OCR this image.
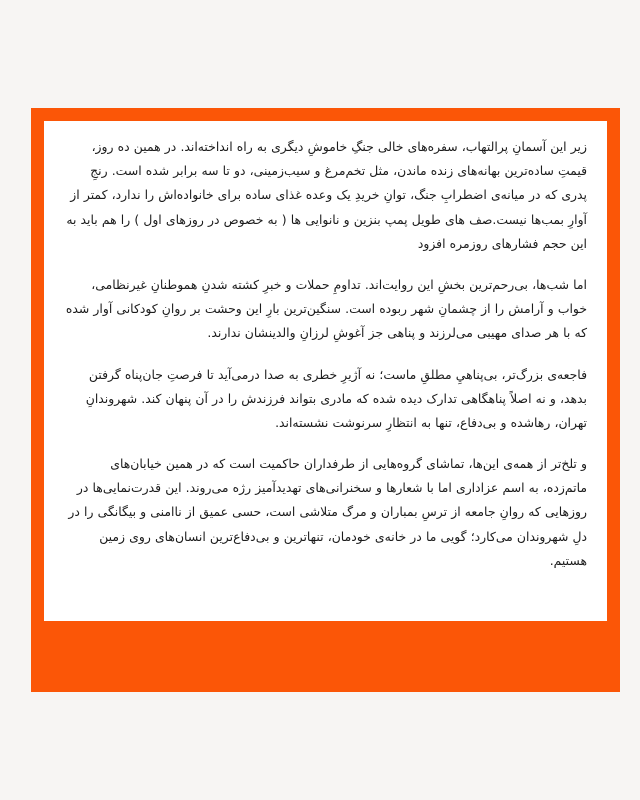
زیر این آسمانِ پرالتهاب، سفره‌های خالی جنگِ خاموشِ دیگری به راه انداخته‌اند. در همین ده روز، قیمتِ ساده‌ترین بهانه‌های زنده ماندن، مثل تخم‌مرغ و سیب‌زمینی، دو تا سه برابر شده است. رنجِ پدری که در میانه‌ی اضطرابِ جنگ، توانِ خریدِ یک وعده غذای ساده برای خانواده‌اش را ندارد، کمتر از آوارِ بمب‌ها نیست.صف های طویل پمپ بنزین و نانوایی ها ( به خصوص در روزهای اول ) را هم باید به این حجم فشارهای روزمره افزود

اما شب‌ها، بی‌رحم‌ترین بخشِ این روایت‌اند. تداومِ حملات و خبرِ کشته شدنِ هموطنانِ غیرنظامی، خواب و آرامش را از چشمانِ شهر ربوده است. سنگین‌ترین بارِ این وحشت بر روانِ کودکانی آوار شده که با هر صدای مهیبی می‌لرزند و پناهی جز آغوشِ لرزانِ والدینشان ندارند.

فاجعه‌ی بزرگ‌تر، بی‌پناهيِ مطلقِ ماست؛ نه آژیرِ خطری به صدا درمی‌آید تا فرصتِ جان‌پناه گرفتن بدهد، و نه اصلاً پناهگاهی تدارک دیده شده که مادری بتواند فرزندش را در آن پنهان کند. شهروندانِ تهران، رهاشده و بی‌دفاع، تنها به انتظارِ سرنوشت نشسته‌اند.

و تلخ‌تر از همه‌ی این‌ها، تماشای گروه‌هایی از طرفداران حاکمیت است که در همین خیابان‌های ماتم‌زده، به اسم عزاداری اما با شعارها و سخنرانی‌های تهدیدآمیز رژه می‌روند. این قدرت‌نمایی‌ها در روزهایی که روانِ جامعه از ترسِ بمباران و مرگ متلاشی است، حسی عمیق از ناامنی و بیگانگی را در دلِ شهروندان می‌کارد؛ گویی ما در خانه‌ی خودمان، تنهاترین و بی‌دفاع‌ترین انسان‌های روی زمین هستیم.
